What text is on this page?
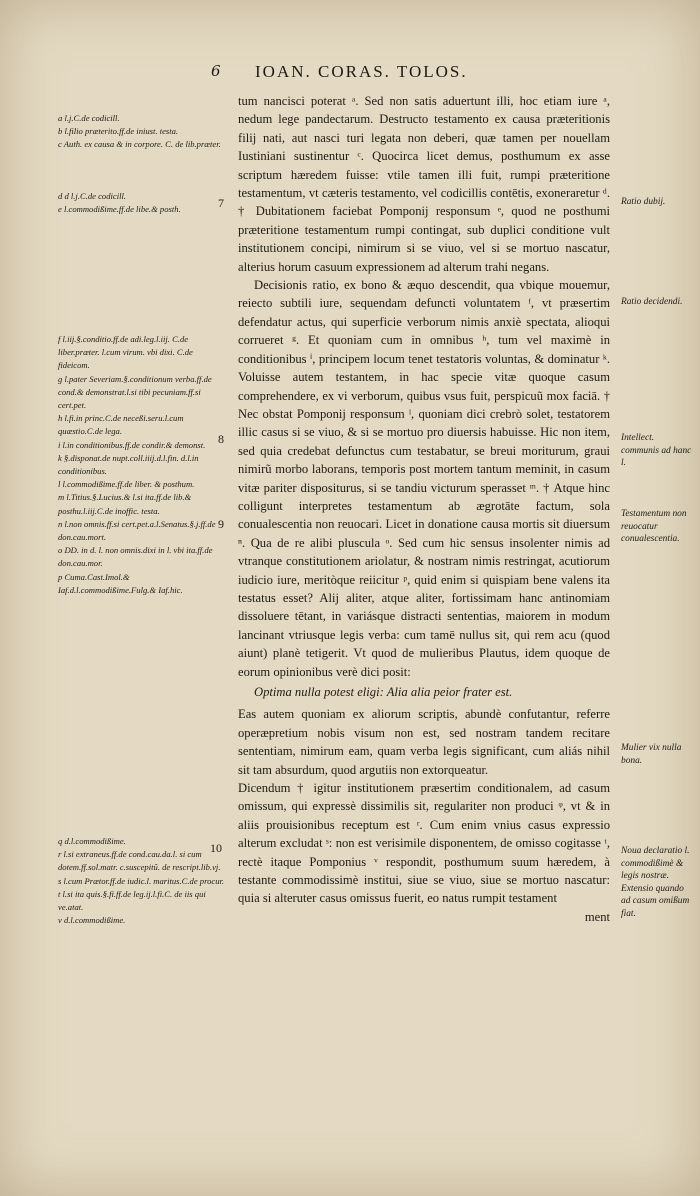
6 IOAN. CORAS. TOLOS.
a l.j.C.de codicill.
b l.filio præterito.ff.de iniust. testa.
c Auth. ex causa & in corpore. C. de lib.præter.
d d l.j.C.de codicill.
e l.commodißime.ff.de libe.& posth.
f l.iij.§.conditio.ff.de adi.leg.l.iij. C.de liber.præter. l.cum virum. vbi dixi. C.de fideicom.
g l.pater Severiam.§.conditionum verba.ff.de cond.& demonstrat.l.si tibi pecuniam.ff.si cert.pet.
h l.fi.in princ.C.de neceßi.seru.l.cum quæstio.C.de lega.
i l.in conditionibus.ff.de condir.& demonst.
k §.disponat.de nupt.coll.iiij.d.l.fin. d.l.in conditionibus.
l l.commodißime.ff.de liber. & posthum.
m l.Titius.§.Lucius.& l.si ita.ff.de lib.& posthu.l.iij.C.de inoffic. testa.
n l.non omnis.ff.si cert.pet.a.l.Senatus.§.j.ff.de don.cau.mort.
o DD. in d. l. non omnis.dixi in l. vbi ita.ff.de don.cau.mor.
p Cuma.Cast.Imol.& Iaf.d.l.commodißime.Fulg.& Iaf.hic.
q d.l.commodißime.
r l.si extraneus.ff.de cond.cau.da.l. si cum dotem.ff.sol.matr. c.suscepitũ. de rescript.lib.vj.
s l.cum Prætor.ff.de iudic.l. maritus.C.de procur.
t l.si ita quis.§.fi.ff.de leg.ij.l.fi.C. de iis qui ve.atat.
v d.l.commodißime.
7
8
9
10

tum nancisci poterat ᵃ. Sed non satis aduertunt illi, hoc etiam iure ᵃ, nedum lege pandectarum. Destructo testamento ex causa præteritionis filij nati, aut nasci turi legata non deberi, quæ tamen per nouellam Iustiniani sustinentur ᶜ. Quocirca licet demus, posthumum ex asse scriptum hæredem fuisse: vtile tamen illi fuit, rumpi præteritione testamentum, vt cæteris testamento, vel codicillis contētis, exoneraretur ᵈ. † Dubitationem faciebat Pomponij responsum ᵉ, quod ne posthumi præteritione testamentum rumpi contingat, sub duplici conditione vult institutionem concipi, nimirum si se viuo, vel si se mortuo nascatur, alterius horum casuum expressionem ad alterum trahi negans.

Decisionis ratio, ex bono & æquo descendit, qua vbique mouemur, reiecto subtili iure, sequendam defuncti voluntatem ᶠ, vt præsertim defendatur actus, qui superficie verborum nimis anxiè spectata, alioqui corrueret ᵍ. Et quoniam cum in omnibus ʰ, tum vel maximè in conditionibus ⁱ, principem locum tenet testatoris voluntas, & dominatur ᵏ. Voluisse autem testantem, in hac specie vitæ quoque casum comprehendere, ex vi verborum, quibus vsus fuit, perspicuũ mox faciā. † Nec obstat Pomponij responsum ˡ, quoniam dici crebrò solet, testatorem illic casus si se viuo, & si se mortuo pro diuersis habuisse. Hic non item, sed quia credebat defunctus cum testabatur, se breui moriturum, graui nimirũ morbo laborans, temporis post mortem tantum meminit, in casum vitæ pariter dispositurus, si se tandiu victurum sperasset ᵐ. † Atque hinc colligunt interpretes testamentum ab ægrotāte factum, sola conualescentia non reuocari. Licet in donatione causa mortis sit diuersum ⁿ. Qua de re alibi pluscula ᵒ. Sed cum hic sensus insolenter nimis ad vtranque constitutionem ariolatur, & nostram nimis restringat, acutiorum iudicio iure, meritòque reiicitur ᵖ, quid enim si quispiam bene valens ita testatus esset? Alij aliter, atque aliter, fortissimam hanc antinomiam dissoluere tētant, in variásque distracti sententias, maiorem in modum lancinant vtriusque legis verba: cum tamē nullus sit, qui rem acu (quod aiunt) planè tetigerit. Vt quod de mulieribus Plautus, idem quoque de eorum opinionibus verè dici posit:

Optima nulla potest eligi: Alia alia peior frater est.

Eas autem quoniam ex aliorum scriptis, abundè confutantur, referre operæpretium nobis visum non est, sed nostram tandem recitare sententiam, nimirum eam, quam verba legis significant, cum aliás nihil sit tam absurdum, quod argutiis non extorqueatur.

Dicendum † igitur institutionem præsertim conditionalem, ad casum omissum, qui expressè dissimilis sit, regulariter non produci ᵠ, vt & in aliis prouisionibus receptum est ʳ. Cum enim vnius casus expressio alterum excludat ˢ: non est verisimile disponentem, de omisso cogitasse ᵗ, rectè itaque Pomponius ᵛ respondit, posthumum suum hæredem, à testante commodissimè institui, siue se viuo, siue se mortuo nascatur: quia si alteruter casus omissus fuerit, eo natus rumpit testament

ment

Ratio dubij.
Ratio decidendi.
Intellect. communis ad hanc l.
Testamentum non reuocatur conualescentia.
Mulier vix nulla bona.
Noua declaratio l. commodißimè & legis nostræ. Extensio quando ad casum omißum fiat.
